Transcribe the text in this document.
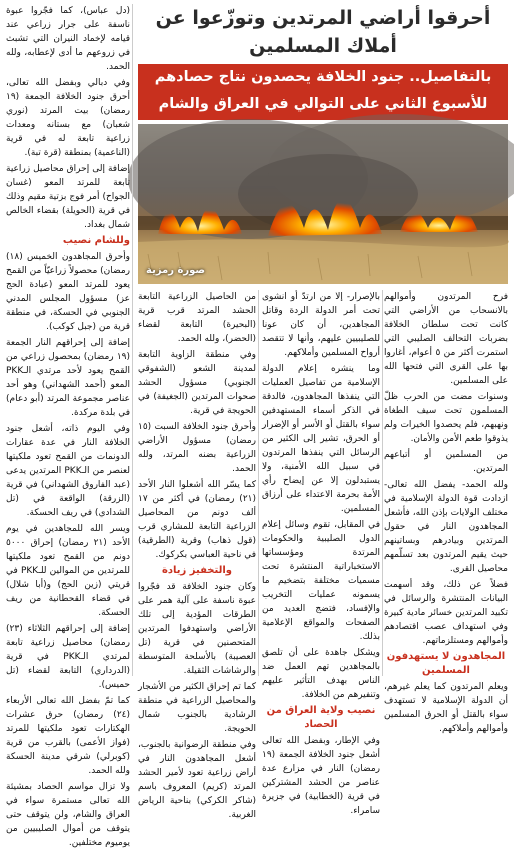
أحرقوا أراضي المرتدين وتوزّعوا عن أملاك المسلمين
بالتفاصيل.. جنود الخلافة يحصدون نتاج حصادهم للأسبوع الثاني على التوالي في العراق والشام
صورة رمزية

(دل عباس)، كما فجّروا عبوة ناسفة على جرار زراعي عند قيامه لإخماد النيران التي تشبث في زروعهم ما أدى لإعطابه، ولله الحمد.

وفي دبالي وبفضل الله تعالى، أحرق جنود الخلافة الجمعة (١٩ رمضان) بيت المرتد (نوري شعبان) مع بستانه ومعدات زراعية تابعة له في قرية (الناعمية) بمنطقة (قرة تبة).

إضافة إلى إحراق محاصيل زراعية تابعة للمرتد المعو (غسان الجواح) أمر فوج بزتية مقيم وذلك في قرية (الحويلة) بقضاء الخالص شمال بغداد.

وللشام نصيب

وأحرق المجاهدون الخميس (١٨) رمضان) محصولاً زراعيّاً من القمح يعود للمرتد المعو (عبادة الحج عز) مسؤول المجلس المدني الجنوبي في الحسكة، في منطقة قرية من (جبل كوكب).

إضافة إلى إحراقهم النار الجمعة (١٩ رمضان) بمحصول زراعي من القمح يعود لأحد مرتدي الـPKK المعو (أحمد الشهداني) وهو أحد عناصر مجموعة المرتد (أبو دعام) في بلدة مركدة.

وفي اليوم ذاته، أشعل جنود الخلافة النار في عدة عقارات الدونمات من القمح تعود ملكيتها لعنصر من الـPKK المرتدين يدعى (عبد الفاروق الشهداني) في قرية (الزرقة) الواقعة في (تل الشدادي) في ريف الحسكة.

ويسر الله للمجاهدين في يوم الأحد (٢١ رمضان) إحراق ٥٠٠٠ دونم من القمح تعود ملكيتها للمرتدين من الموالين للـPKK في قريتي (زين الحج) و(أبا شلال) في قضاء القحطانية من ريف الحسكة.

إضافة إلى إحراقهم الثلاثاء (٢٣) رمضان) محاصيل زراعية تابعة لمرتدي الـPKK في قرية (الدرداري) التابعة لقضاء (تل حميس).

كما تمّ بفضل الله تعالى الأربعاء (٢٤) رمضان) حرق عشرات الهكتارات تعود ملكيتها للمرتد (فواز الأعمى) بالقرب من قرية (كوبرلي) شرقي مدينة الحسكة ولله الحمد.

ولا تزال مواسم الحصاد بمشيئة الله تعالى مستمرة سواء في العراق والشام، ولن يتوقف حتى يتوقف من أموال الصليبيين من يوميوم مختلفين.

من الحاصيل الزراعية التابعة الحشد المرتد قرب قرية (البحيرة) التابعة لقضاء (الحضر)، ولله الحمد.

وفي منطقة الزاوية التابعة لمدينة الشعو (الشفوقي الجنوبي) مسؤول الحشد صحوات المرتدين (الجغيفة) في الحويجة في قرية.

وأحرق جنود الخلافة السبت (١٥ رمضان) مسؤول الأراضي الزراعية بضنه المرتد، ولله الحمد.

كما يسّر الله أشعلوا النار الأحد (٢١) رمضان) في أكثر من ١٧ ألف دونم من المحاصيل الزراعية التابعة للمشاري قرب (قول ذهاب) وقرية (الطرقية) في ناحية العباسي بكركوك.

والتخفيز زيادة

وكان جنود الخلافة قد فجّروا عبوة ناسفة على آلية همر على الطرقات المؤدية إلى تلك الأراضي واستهدفوا المرتدين المتحصنين في قرية (تل العصيبة) بالأسلحة المتوسطة والرشاشات الثقيلة.

كما تم إحراق الكثير من الأشجار والمحاصيل الزراعية في منطقة الرشادية بالجنوب شمال الحويجة.

وفي منطقة الرضوانية بالجنوب، أشعل المجاهدون النار في أراض زراعية تعود لأمير الحشد المرتد (كريم) المعروف باسم (شاكر الكركي) بناحية الرياض الغربية.

بالإصرار- إلا من ارتدّ أو انشوى تحت أمر الدولة الردة وقاتل المجاهدين، أن كان عونا للصليبيين عليهم، وأنها لا تتقصد أرواح المسلمين وأملاكهم.

وما ينشره إعلام الدولة الإسلامية من تفاصيل العمليات التي ينفذها المجاهدون، فالدقة في الذكر أسماء المستهدفين سواء بالقتل أو الأسر أو الإضرار أو الحرق، تشير إلى الكثير من الرسائل التي ينفذها المرتدون في سبيل الله الأمنية، ولا يستبدلون إلا عن إيضاح رأي الأمة بحرمة الاعتداء على أرزاق المسلمين.

في المقابل، تقوم وسائل إعلام الدول الصليبية والحكومات المرتدة ومؤسساتها الاستخباراتية المنتشرة تحت مسميات مختلفة بتضخيم ما يسمونه عمليات التخريب والإفساد، فتضج العديد من الصفحات والمواقع الإعلامية بذلك.

ويشكل جاهدة على أن تلصق بالمجاهدين تهم العمل ضد الناس بهدف التأثير عليهم وتنفيرهم من الخلافة.

نصيب ولاية العراق من الحصاد

وفي الإطار، وبفضل الله تعالى أشعل جنود الخلافة الجمعة (١٩ رمضان) النار في مزارع عدة عناصر من الحشد المشتركين في قرية (الخطابية) في جزيرة سامراء.

فرح المرتدون وأموالهم بالانسحاب من الأراضي التي كانت تحت سلطان الخلافة بضربات التحالف الصليبي التي استمرت أكثر من ٥ أعوام، أغاروا بها على القرى التي فتحها الله على المسلمين.

وسنوات مضت من الحرب ظلّ المسلمون تحت سيف الطغاة ونهبهم، فلم يحصدوا الخيرات ولم يذوقوا طعم الأمن والأمان.

من المسلمين أو أتباعهم المرتدين.

ولله الحمد- يفضل الله تعالى- ازدادت قوة الدولة الإسلامية في مختلف الولايات بإذن الله، فأشعل المجاهدون النار في حقول المرتدين وبيادرهم وبساتينهم حيث يقيم المرتدون بعد تسلّمهم محاصيل القرى.

فضلاً عن ذلك، وقد أسهمت البيانات المنتشرة والرسائل في تكبيد المرتدين خسائر مادية كبيرة وفي استهداف عصب اقتصادهم وأموالهم ومستلزماتهم.

المجاهدون لا يستهدفون المسلمين

ويعلم المرتدون كما يعلم غيرهم، أن الدولة الإسلامية لا تستهدف سواء بالقتل أو الحرق المسلمين وأموالهم وأملاكهم.
